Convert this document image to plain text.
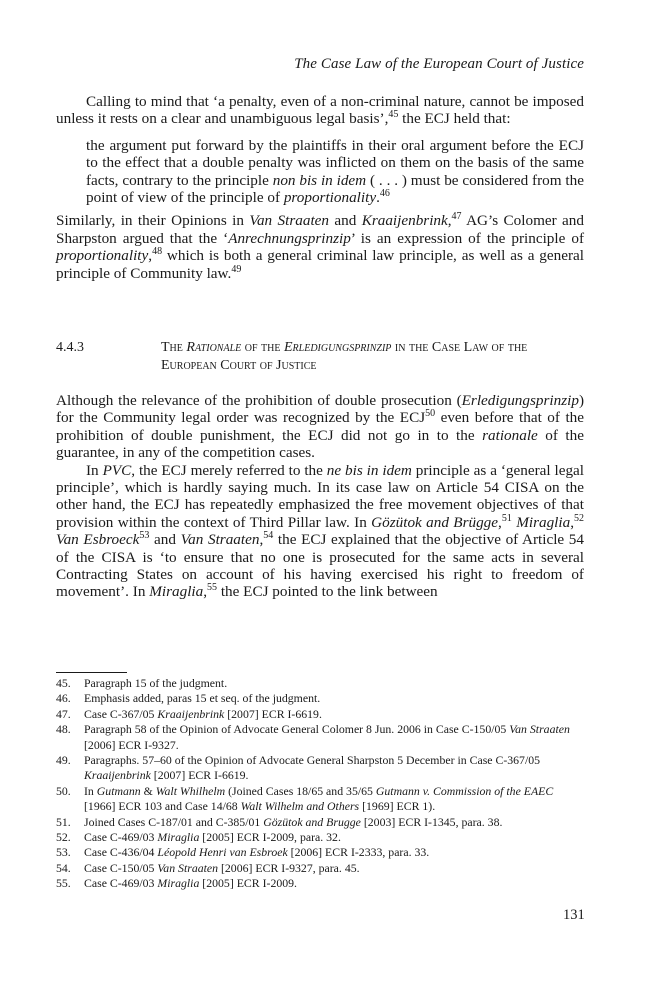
The Case Law of the European Court of Justice

Calling to mind that ‘a penalty, even of a non-criminal nature, cannot be imposed unless it rests on a clear and unambiguous legal basis’,$^{45}$ the ECJ held that:

the argument put forward by the plaintiffs in their oral argument before the ECJ to the effect that a double penalty was inflicted on them on the basis of the same facts, contrary to the principle non bis in idem ( . . . ) must be considered from the point of view of the principle of proportionality.$^{46}$

Similarly, in their Opinions in Van Straaten and Kraaijenbrink,$^{47}$ AG’s Colomer and Sharpston argued that the ‘Anrechnungsprinzip’ is an expression of the principle of proportionality,$^{48}$ which is both a general criminal law principle, as well as a general principle of Community law.$^{49}$

4.4.3	The Rationale of the Erledigungsprinzip in the Case Law of the European Court of Justice

Although the relevance of the prohibition of double prosecution (Erledigungsprinzip) for the Community legal order was recognized by the ECJ$^{50}$ even before that of the prohibition of double punishment, the ECJ did not go in to the rationale of the guarantee, in any of the competition cases.

In PVC, the ECJ merely referred to the ne bis in idem principle as a ‘general legal principle’, which is hardly saying much. In its case law on Article 54 CISA on the other hand, the ECJ has repeatedly emphasized the free movement objectives of that provision within the context of Third Pillar law. In Gözütok and Brügge,$^{51}$ Miraglia,$^{52}$ Van Esbroeck$^{53}$ and Van Straaten,$^{54}$ the ECJ explained that the objective of Article 54 of the CISA is ‘to ensure that no one is prosecuted for the same acts in several Contracting States on account of his having exercised his right to freedom of movement’. In Miraglia,$^{55}$ the ECJ pointed to the link between

45.	Paragraph 15 of the judgment.
46.	Emphasis added, paras 15 et seq. of the judgment.
47.	Case C-367/05 Kraaijenbrink [2007] ECR I-6619.
48.	Paragraph 58 of the Opinion of Advocate General Colomer 8 Jun. 2006 in Case C-150/05 Van Straaten [2006] ECR I-9327.
49.	Paragraphs. 57–60 of the Opinion of Advocate General Sharpston 5 December in Case C-367/05 Kraaijenbrink [2007] ECR I-6619.
50.	In Gutmann & Walt Whilhelm (Joined Cases 18/65 and 35/65 Gutmann v. Commission of the EAEC [1966] ECR 103 and Case 14/68 Walt Wilhelm and Others [1969] ECR 1).
51.	Joined Cases C-187/01 and C-385/01 Gözütok and Brugge [2003] ECR I-1345, para. 38.
52.	Case C-469/03 Miraglia [2005] ECR I-2009, para. 32.
53.	Case C-436/04 Léopold Henri van Esbroek [2006] ECR I-2333, para. 33.
54.	Case C-150/05 Van Straaten [2006] ECR I-9327, para. 45.
55.	Case C-469/03 Miraglia [2005] ECR I-2009.
131
